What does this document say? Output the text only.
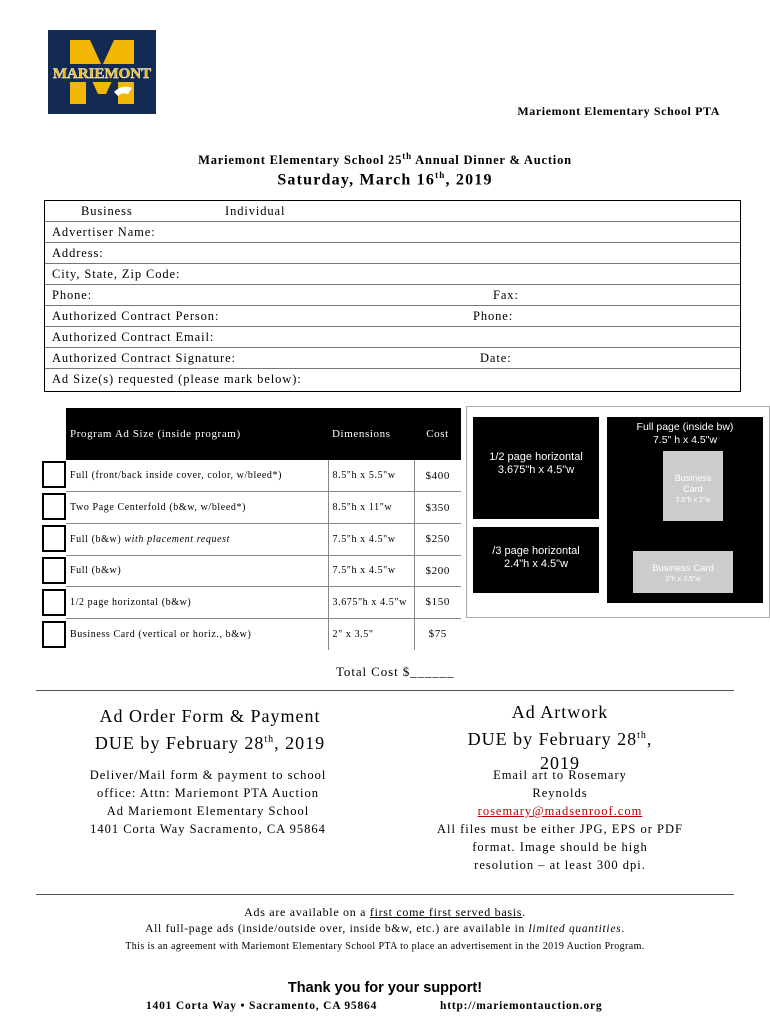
MARIEMONT
Mariemont Elementary School PTA
Mariemont Elementary School 25th Annual Dinner & Auction
Saturday, March 16th, 2019
Business	Individual
Advertiser Name:
Address:
City, State, Zip Code:
Phone:	Fax:
Authorized Contract Person:	Phone:
Authorized Contract Email:
Authorized Contract Signature:	Date:
Ad Size(s) requested (please mark below):
Program Ad Size (inside program)	Dimensions	Cost
Full (front/back inside cover, color, w/bleed*)	8.5"h x 5.5"w	$400
Two Page Centerfold (b&w, w/bleed*)	8.5"h x 11"w	$350
Full (b&w) with placement request	7.5"h x 4.5"w	$250
Full (b&w)	7.5"h x 4.5"w	$200
1/2 page horizontal (b&w)	3.675"h x 4.5"w	$150
Business Card (vertical or horiz., b&w)	2" x 3.5"	$75
1/2 page horizontal
3.675"h x 4.5"w
/3 page horizontal
2.4"h x 4.5"w
Full page (inside bw)
7.5" h x 4.5"w
Business
Card
3.5"h x 2"w
Business Card
2"h x 3.5"w
Total Cost $______
Ad Order Form & Payment
DUE by February 28th, 2019
Deliver/Mail form & payment to school
office: Attn: Mariemont PTA Auction
Ad Mariemont Elementary School
1401 Corta Way Sacramento, CA 95864
Ad Artwork
DUE by February 28th,
2019
Email art to Rosemary
Reynolds
rosemary@madsenroof.com
All files must be either JPG, EPS or PDF
format. Image should be high
resolution – at least 300 dpi.
Ads are available on a first come first served basis.
All full-page ads (inside/outside over, inside b&w, etc.) are available in limited quantities.
This is an agreement with Mariemont Elementary School PTA to place an advertisement in the 2019 Auction Program.
Thank you for your support!
1401 Corta Way • Sacramento, CA 95864	http://mariemontauction.org
